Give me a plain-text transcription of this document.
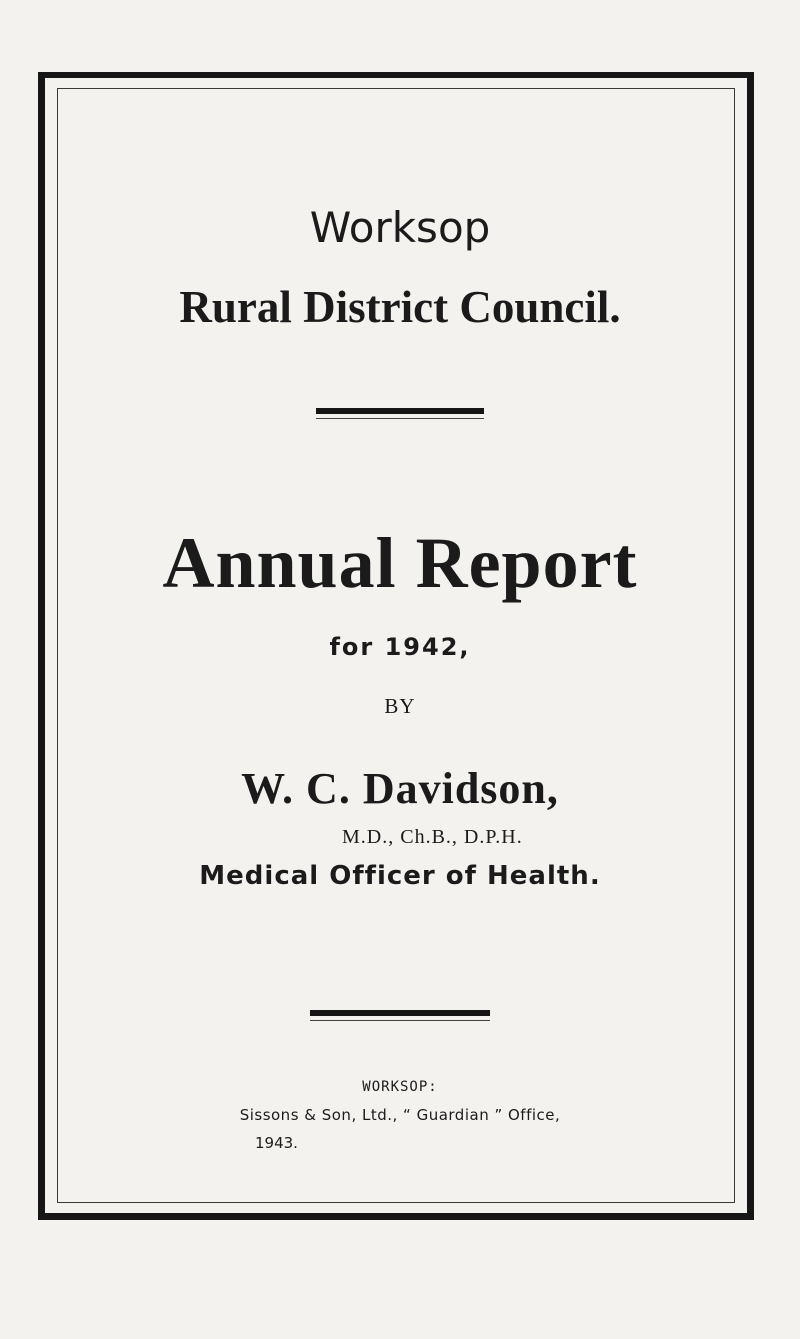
Worksop
Rural District Council.
Annual Report
for 1942,
BY
W. C. Davidson,
M.D., Ch.B., D.P.H.
Medical Officer of Health.
WORKSOP:
Sissons & Son, Ltd., “ Guardian ” Office,
1943.
